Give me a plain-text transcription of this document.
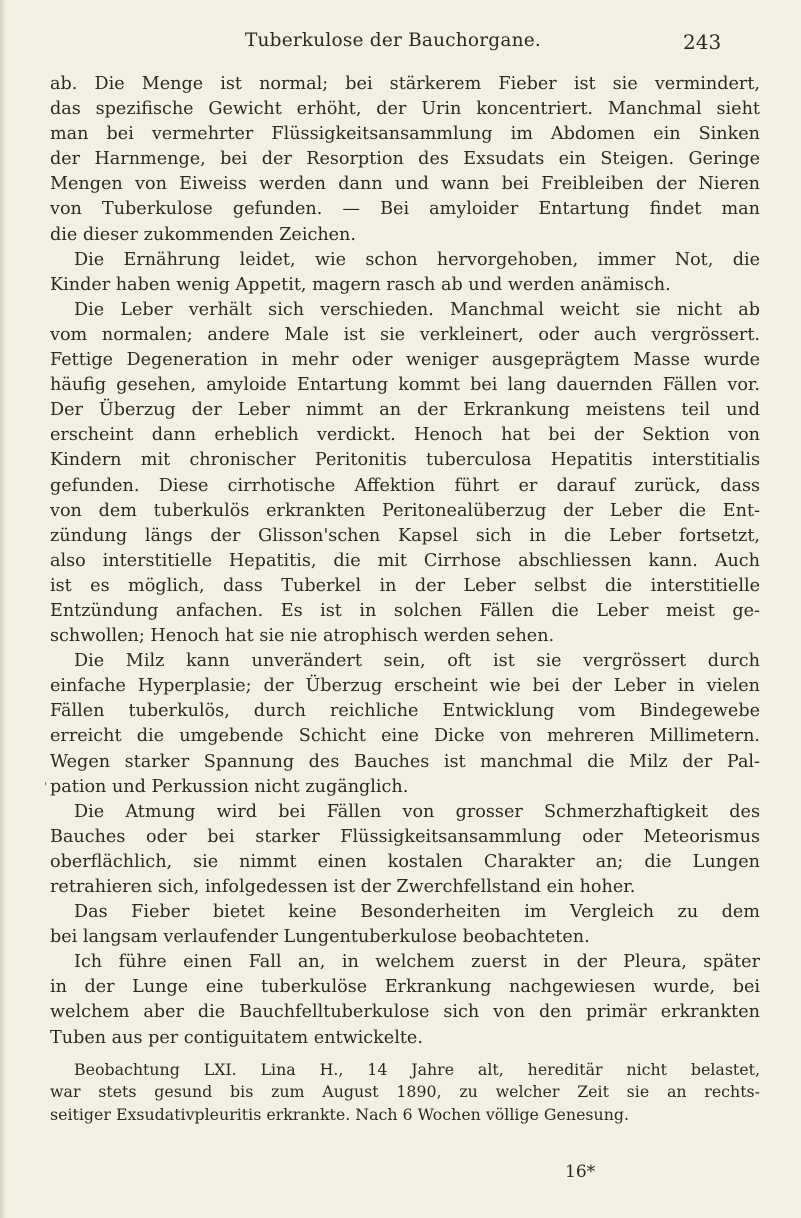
Tuberkulose der Bauchorgane.	243
ab. Die Menge ist normal; bei stärkerem Fieber ist sie vermindert,
das spezifische Gewicht erhöht, der Urin koncentriert. Manchmal sieht
man bei vermehrter Flüssigkeitsansammlung im Abdomen ein Sinken
der Harnmenge, bei der Resorption des Exsudats ein Steigen. Geringe
Mengen von Eiweiss werden dann und wann bei Freibleiben der Nieren
von Tuberkulose gefunden. — Bei amyloider Entartung findet man
die dieser zukommenden Zeichen.
Die Ernährung leidet, wie schon hervorgehoben, immer Not, die
Kinder haben wenig Appetit, magern rasch ab und werden anämisch.
Die Leber verhält sich verschieden. Manchmal weicht sie nicht ab
vom normalen; andere Male ist sie verkleinert, oder auch vergrössert.
Fettige Degeneration in mehr oder weniger ausgeprägtem Masse wurde
häufig gesehen, amyloide Entartung kommt bei lang dauernden Fällen vor.
Der Überzug der Leber nimmt an der Erkrankung meistens teil und
erscheint dann erheblich verdickt. Henoch hat bei der Sektion von
Kindern mit chronischer Peritonitis tuberculosa Hepatitis interstitialis
gefunden. Diese cirrhotische Affektion führt er darauf zurück, dass
von dem tuberkulös erkrankten Peritonealüberzug der Leber die Ent-
zündung längs der Glisson'schen Kapsel sich in die Leber fortsetzt,
also interstitielle Hepatitis, die mit Cirrhose abschliessen kann. Auch
ist es möglich, dass Tuberkel in der Leber selbst die interstitielle
Entzündung anfachen. Es ist in solchen Fällen die Leber meist ge-
schwollen; Henoch hat sie nie atrophisch werden sehen.
Die Milz kann unverändert sein, oft ist sie vergrössert durch
einfache Hyperplasie; der Überzug erscheint wie bei der Leber in vielen
Fällen tuberkulös, durch reichliche Entwicklung vom Bindegewebe
erreicht die umgebende Schicht eine Dicke von mehreren Millimetern.
Wegen starker Spannung des Bauches ist manchmal die Milz der Pal-
pation und Perkussion nicht zugänglich.
Die Atmung wird bei Fällen von grosser Schmerzhaftigkeit des
Bauches oder bei starker Flüssigkeitsansammlung oder Meteorismus
oberflächlich, sie nimmt einen kostalen Charakter an; die Lungen
retrahieren sich, infolgedessen ist der Zwerchfellstand ein hoher.
Das Fieber bietet keine Besonderheiten im Vergleich zu dem
bei langsam verlaufender Lungentuberkulose beobachteten.
Ich führe einen Fall an, in welchem zuerst in der Pleura, später
in der Lunge eine tuberkulöse Erkrankung nachgewiesen wurde, bei
welchem aber die Bauchfelltuberkulose sich von den primär erkrankten
Tuben aus per contiguitatem entwickelte.
Beobachtung LXI. Lina H., 14 Jahre alt, hereditär nicht belastet,
war stets gesund bis zum August 1890, zu welcher Zeit sie an rechts-
seitiger Exsudativpleuritis erkrankte. Nach 6 Wochen völlige Genesung.
'
16*
